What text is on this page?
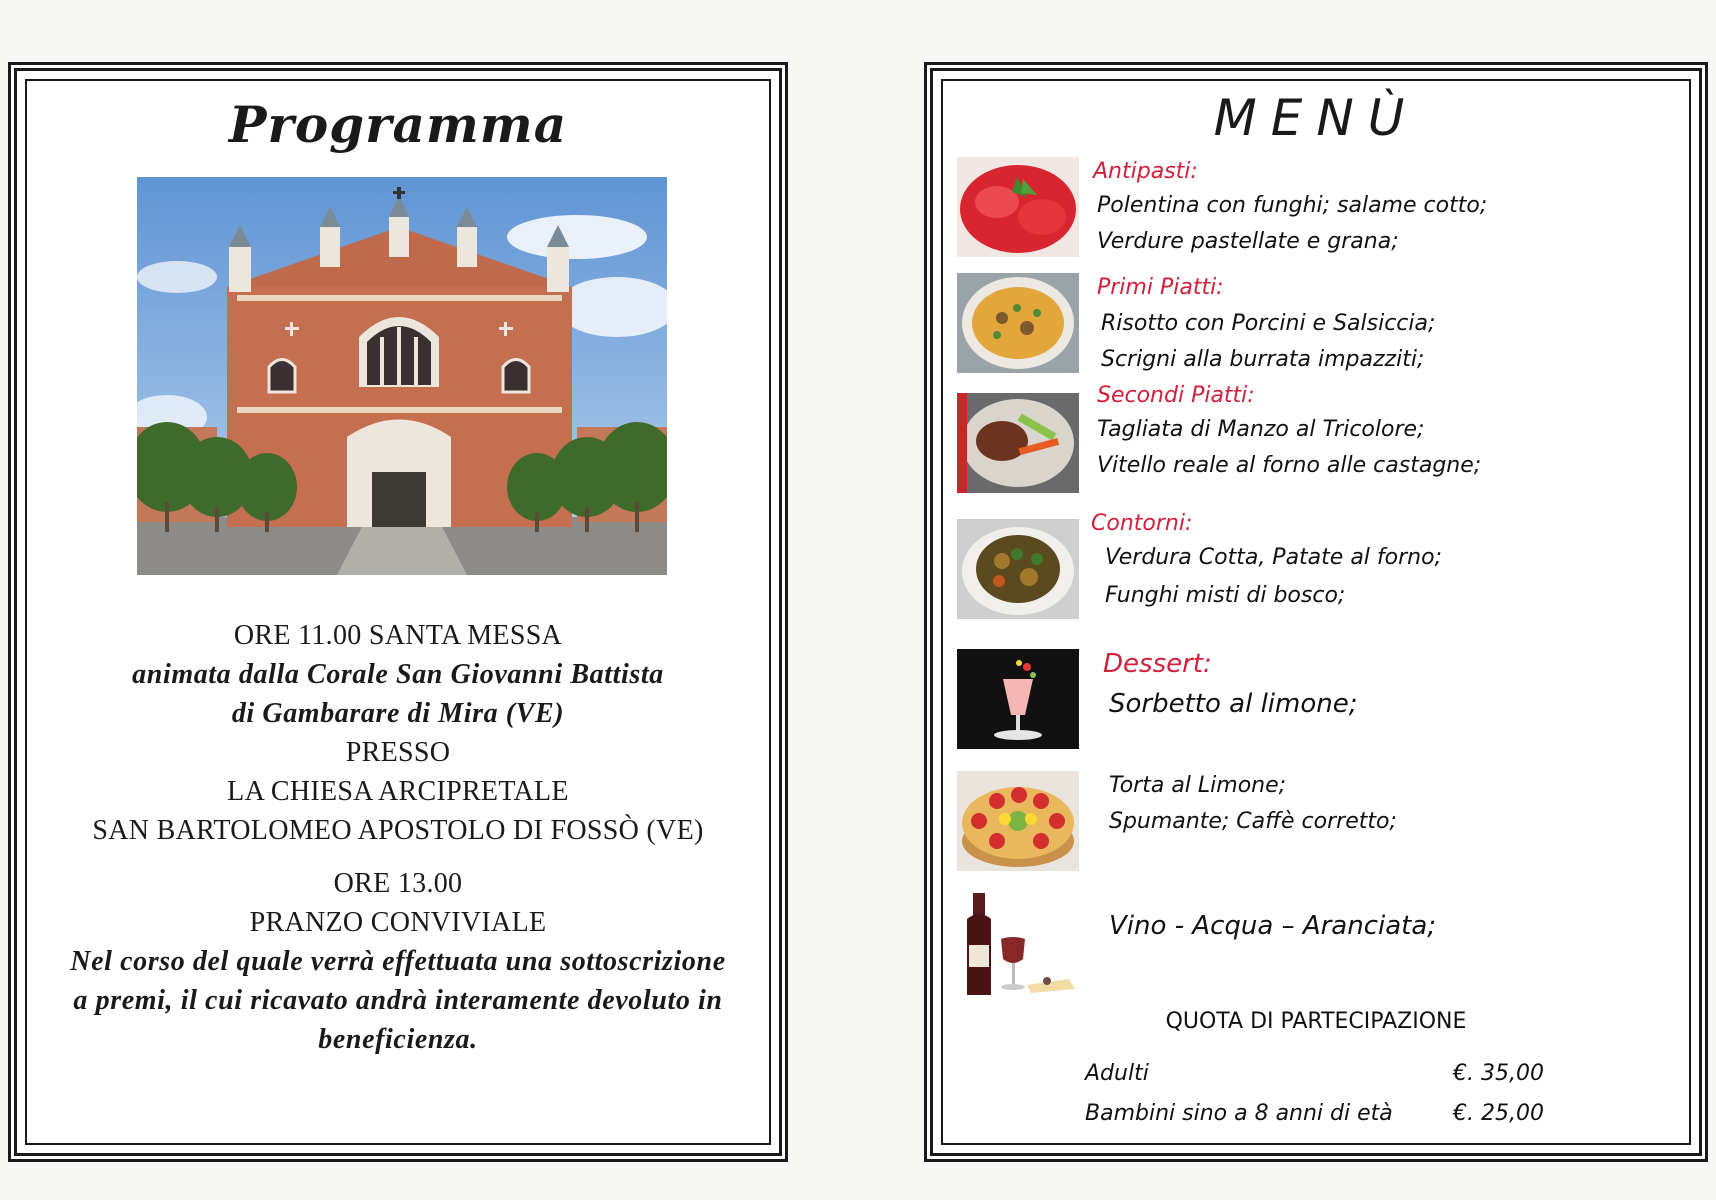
Programma
ORE 11.00 SANTA MESSA
animata dalla Corale San Giovanni Battista
di Gambarare di Mira (VE)
PRESSO
LA CHIESA ARCIPRETALE
SAN BARTOLOMEO APOSTOLO DI FOSSÒ (VE)
ORE 13.00
PRANZO CONVIVIALE
Nel corso del quale verrà effettuata una sottoscrizione
a premi, il cui ricavato andrà interamente devoluto in
beneficienza.
MENÙ
Antipasti:
Polentina con funghi; salame cotto;
Verdure pastellate e grana;
Primi Piatti:
Risotto con Porcini e Salsiccia;
Scrigni alla burrata impazziti;
Secondi Piatti:
Tagliata di Manzo al Tricolore;
Vitello reale al forno alle castagne;
Contorni:
Verdura Cotta, Patate al forno;
Funghi misti di bosco;
Dessert:
Sorbetto al limone;
Torta al Limone;
Spumante; Caffè corretto;
Vino - Acqua – Aranciata;
QUOTA DI PARTECIPAZIONE
Adulti	€. 35,00
Bambini sino a 8 anni di età	€. 25,00
